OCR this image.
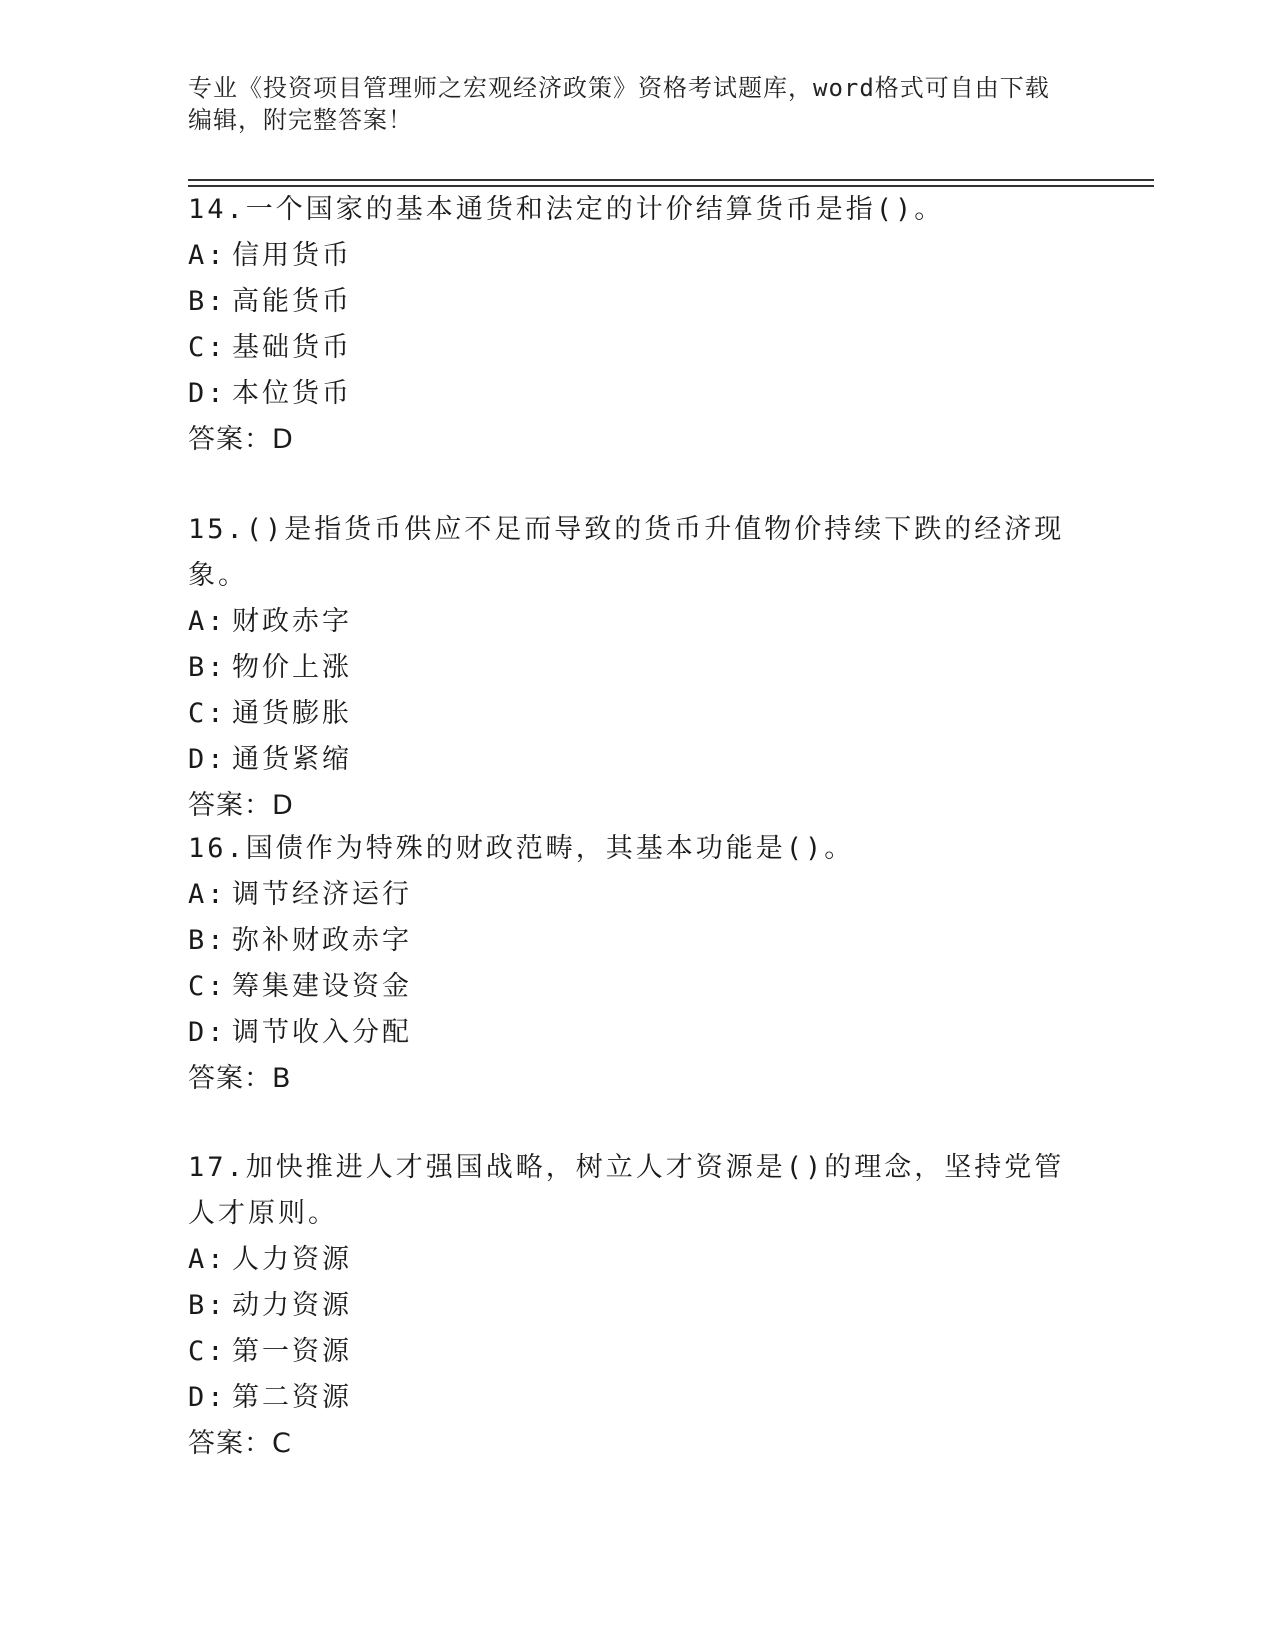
专业《投资项目管理师之宏观经济政策》资格考试题库，word格式可自由下载编辑，附完整答案！

14.一个国家的基本通货和法定的计价结算货币是指()。

A: 信用货币

B: 高能货币

C: 基础货币

D: 本位货币

答案：D

15.()是指货币供应不足而导致的货币升值物价持续下跌的经济现象。

A: 财政赤字

B: 物价上涨

C: 通货膨胀

D: 通货紧缩

答案：D

16.国债作为特殊的财政范畴，其基本功能是()。

A: 调节经济运行

B: 弥补财政赤字

C: 筹集建设资金

D: 调节收入分配

答案：B

17.加快推进人才强国战略，树立人才资源是()的理念，坚持党管人才原则。

A: 人力资源

B: 动力资源

C: 第一资源

D: 第二资源

答案：C
